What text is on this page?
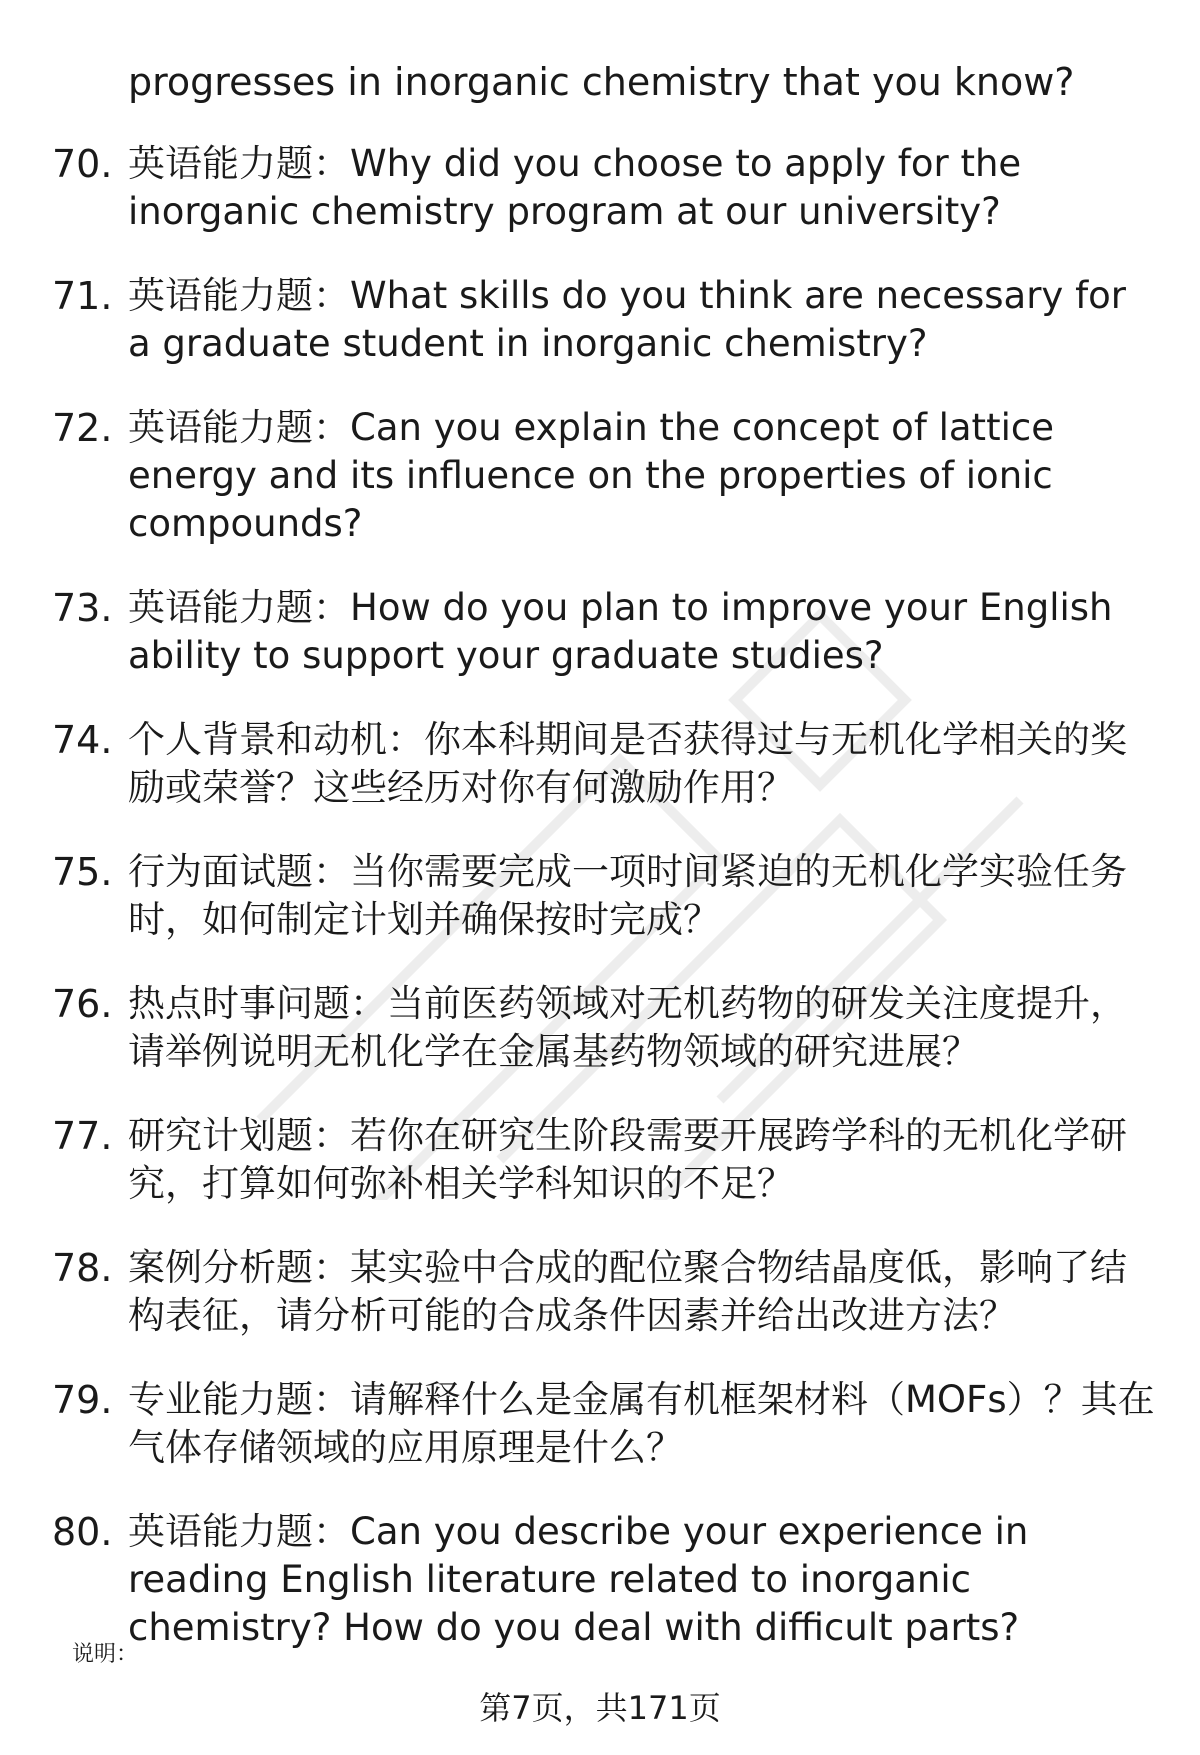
progresses in inorganic chemistry that you know?
70. 英语能力题：Why did you choose to apply for the inorganic chemistry program at our university?
71. 英语能力题：What skills do you think are necessary for a graduate student in inorganic chemistry?
72. 英语能力题：Can you explain the concept of lattice energy and its influence on the properties of ionic compounds?
73. 英语能力题：How do you plan to improve your English ability to support your graduate studies?
74. 个人背景和动机：你本科期间是否获得过与无机化学相关的奖励或荣誉？这些经历对你有何激励作用？
75. 行为面试题：当你需要完成一项时间紧迫的无机化学实验任务时，如何制定计划并确保按时完成？
76. 热点时事问题：当前医药领域对无机药物的研发关注度提升，请举例说明无机化学在金属基药物领域的研究进展？
77. 研究计划题：若你在研究生阶段需要开展跨学科的无机化学研究，打算如何弥补相关学科知识的不足？
78. 案例分析题：某实验中合成的配位聚合物结晶度低，影响了结构表征，请分析可能的合成条件因素并给出改进方法？
79. 专业能力题：请解释什么是金属有机框架材料（MOFs）？其在气体存储领域的应用原理是什么？
80. 英语能力题：Can you describe your experience in reading English literature related to inorganic chemistry? How do you deal with difficult parts?
说明：
第7页，共171页
